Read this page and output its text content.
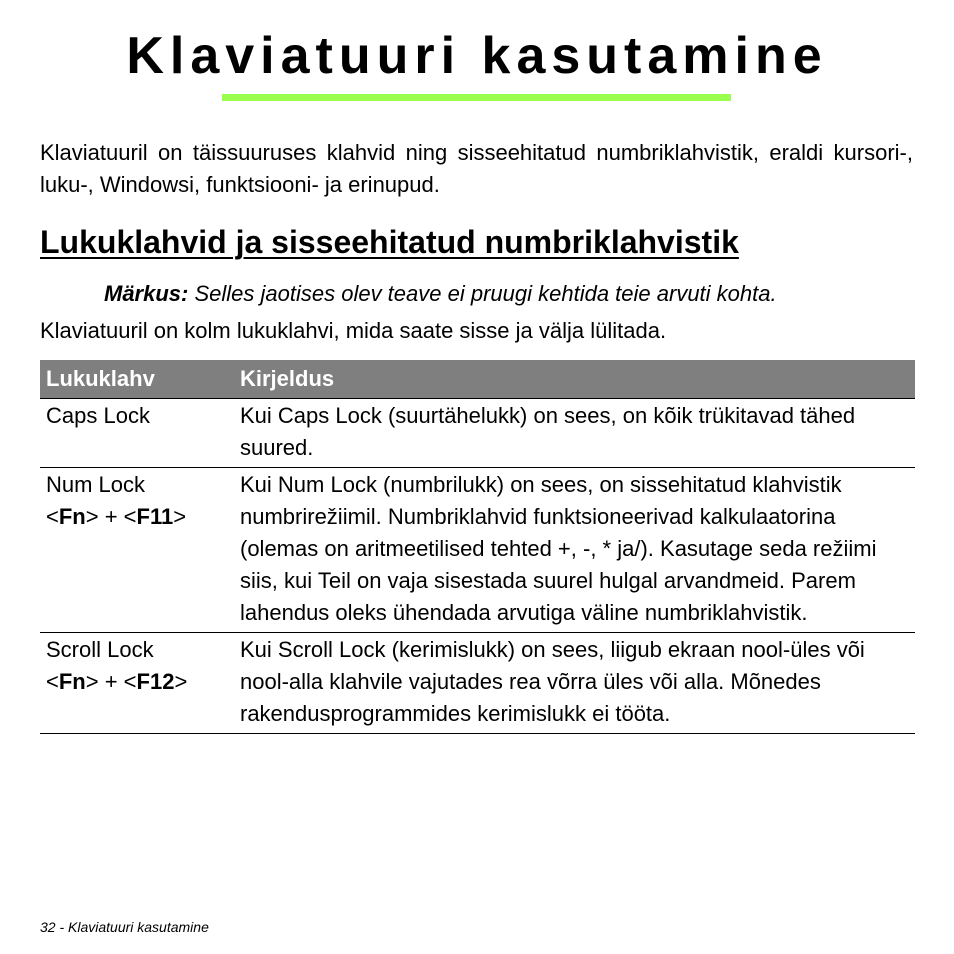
Klaviatuuri kasutamine

Klaviatuuril on täissuuruses klahvid ning sisseehitatud numbriklahvistik, eraldi kursori-, luku-, Windowsi, funktsiooni- ja erinupud.

Lukuklahvid ja sisseehitatud numbriklahvistik

Märkus: Selles jaotises olev teave ei pruugi kehtida teie arvuti kohta.

Klaviatuuril on kolm lukuklahvi, mida saate sisse ja välja lülitada.

Lukuklahv	Kirjeldus
Caps Lock	Kui Caps Lock (suurtähelukk) on sees, on kõik trükitavad tähed suured.
Num Lock
<Fn> + <F11>	Kui Num Lock (numbrilukk) on sees, on sissehitatud klahvistik numbrirežiimil. Numbriklahvid funktsioneerivad kalkulaatorina (olemas on aritmeetilised tehted +, -, * ja/). Kasutage seda režiimi siis, kui Teil on vaja sisestada suurel hulgal arvandmeid. Parem lahendus oleks ühendada arvutiga väline numbriklahvistik.
Scroll Lock
<Fn> + <F12>	Kui Scroll Lock (kerimislukk) on sees, liigub ekraan nool-üles või nool-alla klahvile vajutades rea võrra üles või alla. Mõnedes rakendusprogrammides kerimislukk ei tööta.
32 - Klaviatuuri kasutamine
